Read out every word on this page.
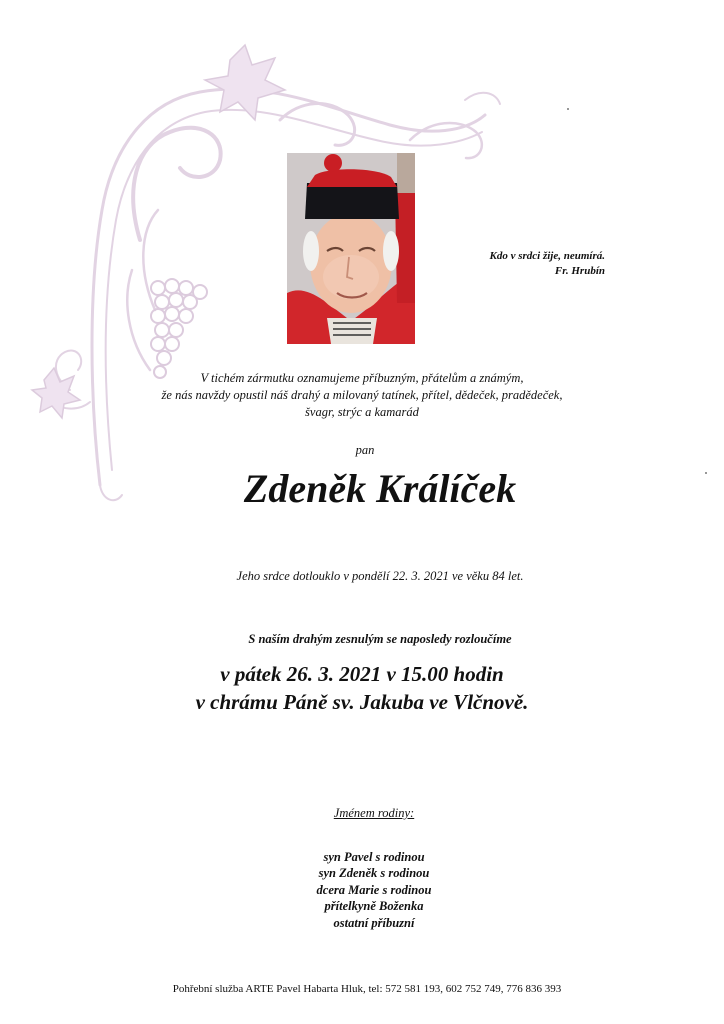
Kdo v srdci žije, neumírá.
Fr. Hrubín
V tichém zármutku oznamujeme příbuzným, přátelům a známým,
že nás navždy opustil náš drahý a milovaný tatínek, přítel, dědeček, pradědeček,
švagr, strýc a kamarád
pan
Zdeněk Králíček
Jeho srdce dotlouklo v pondělí 22. 3. 2021 ve věku 84 let.
S naším drahým zesnulým se naposledy rozloučíme
v pátek 26. 3. 2021 v 15.00 hodin
v chrámu Páně sv. Jakuba ve Vlčnově.
Jménem rodiny:
syn Pavel s rodinou
syn Zdeněk s rodinou
dcera Marie s rodinou
přítelkyně Boženka
ostatní příbuzní
Pohřební služba ARTE Pavel Habarta Hluk, tel: 572 581 193, 602 752 749, 776 836 393
